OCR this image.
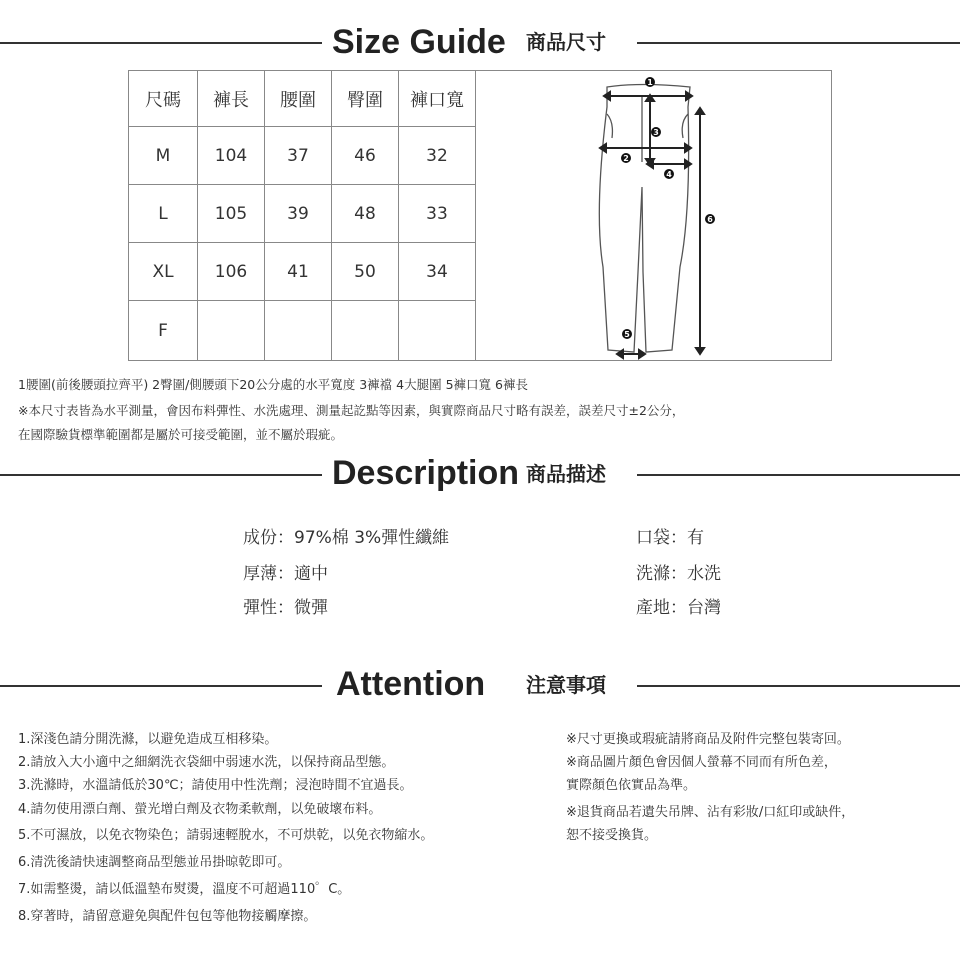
Size Guide 商品尺寸
尺碼	褲長	腰圍	臀圍	褲口寬
M	104	37	46	32
L	105	39	48	33
XL	106	41	50	34
F				
1
2
3
4
5
6
1腰圍(前後腰頭拉齊平) 2臀圍/側腰頭下20公分處的水平寬度 3褲襠 4大腿圍 5褲口寬 6褲長
※本尺寸表皆為水平測量，會因布料彈性、水洗處理、測量起訖點等因素，與實際商品尺寸略有誤差，誤差尺寸±2公分，
在國際驗貨標準範圍都是屬於可接受範圍，並不屬於瑕疵。
Description 商品描述
成份：97%棉 3%彈性纖維
厚薄：適中
彈性：微彈
口袋：有
洗滌：水洗
產地：台灣
Attention 注意事項
1.深淺色請分開洗滌，以避免造成互相移染。
2.請放入大小適中之細網洗衣袋細中弱速水洗，以保持商品型態。
3.洗滌時，水溫請低於30℃；請使用中性洗劑；浸泡時間不宜過長。
4.請勿使用漂白劑、螢光增白劑及衣物柔軟劑，以免破壞布料。
5.不可濕放，以免衣物染色；請弱速輕脫水，不可烘乾，以免衣物縮水。
6.清洗後請快速調整商品型態並吊掛晾乾即可。
7.如需整燙，請以低溫墊布熨燙，溫度不可超過110゜C。
8.穿著時，請留意避免與配件包包等他物接觸摩擦。
※尺寸更換或瑕疵請將商品及附件完整包裝寄回。
※商品圖片顏色會因個人螢幕不同而有所色差，
實際顏色依實品為準。
※退貨商品若遺失吊牌、沾有彩妝/口紅印或缺件，
恕不接受換貨。
